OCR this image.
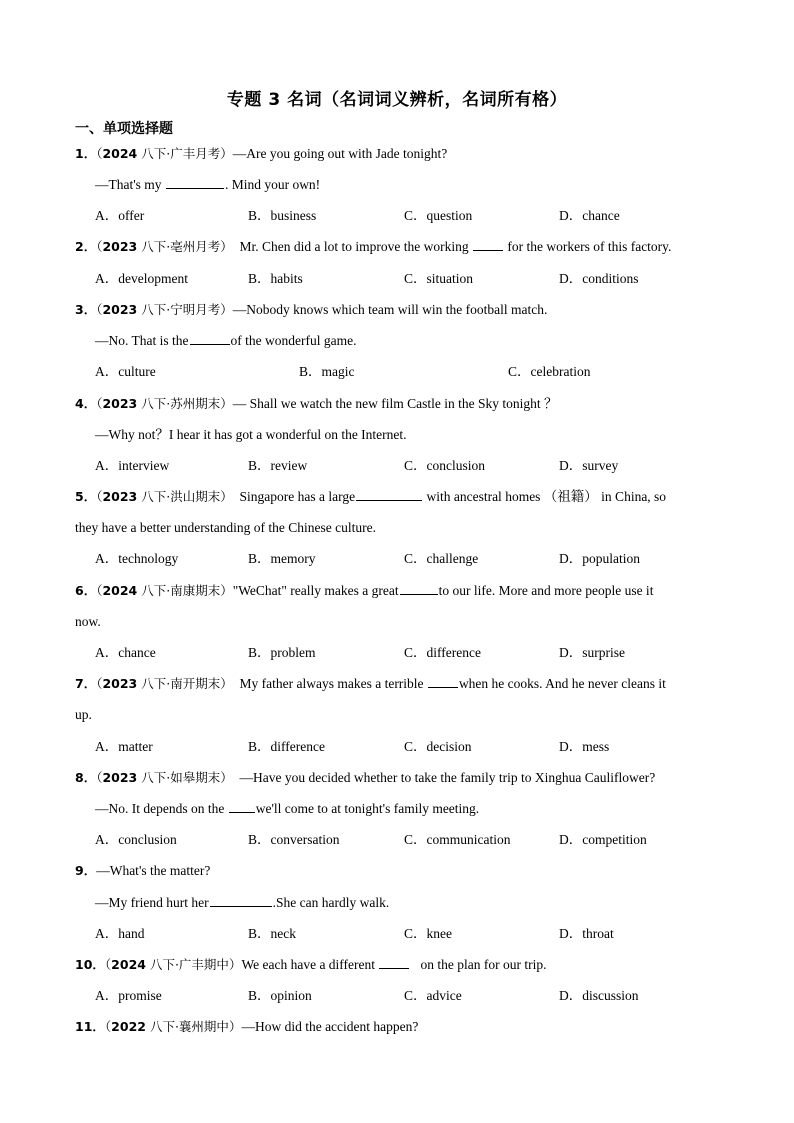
专题 3 名词（名词词义辨析，名词所有格）
一、单项选择题
1．（2024 八下·广丰月考）—Are you going out with Jade tonight?
—That's my	. Mind your own!
A．offer	B．business	C．question	D．chance
2．（2023 八下·亳州月考） Mr. Chen did a lot to improve the working	for the workers of this factory.
A．development	B．habits	C．situation	D．conditions
3．（2023 八下·宁明月考）—Nobody knows which team will win the football match.
—No. That is the	of the wonderful game.
A．culture	B．magic	C．celebration
4．（2023 八下·苏州期末）— Shall we watch the new film Castle in the Sky tonight ？
—Why not？I hear it has got a wonderful on the Internet.
A．interview	B．review	C．conclusion	D．survey
5．（2023 八下·洪山期末） Singapore has a large	with ancestral homes （祖籍） in China, so
they have a better understanding of the Chinese culture.
A．technology	B．memory	C．challenge	D．population
6．（2024 八下·南康期末）"WeChat" really makes a great	to our life. More and more people use it
now.
A．chance	B．problem	C．difference	D．surprise
7．（2023 八下·南开期末） My father always makes a terrible	when he cooks. And he never cleans it
up.
A．matter	B．difference	C．decision	D．mess
8．（2023 八下·如皋期末） —Have you decided whether to take the family trip to Xinghua Cauliflower?
—No. It depends on the we'll come to at tonight's family meeting.
A．conclusion	B．conversation	C．communication	D．competition
9．—What's the matter?
—My friend hurt her	.She can hardly walk.
A．hand	B．neck	C．knee	D．throat
10．（2024 八下·广丰期中）We each have a different	on the plan for our trip.
A．promise	B．opinion	C．advice	D．discussion
11．（2022 八下·襄州期中）—How did the accident happen?
